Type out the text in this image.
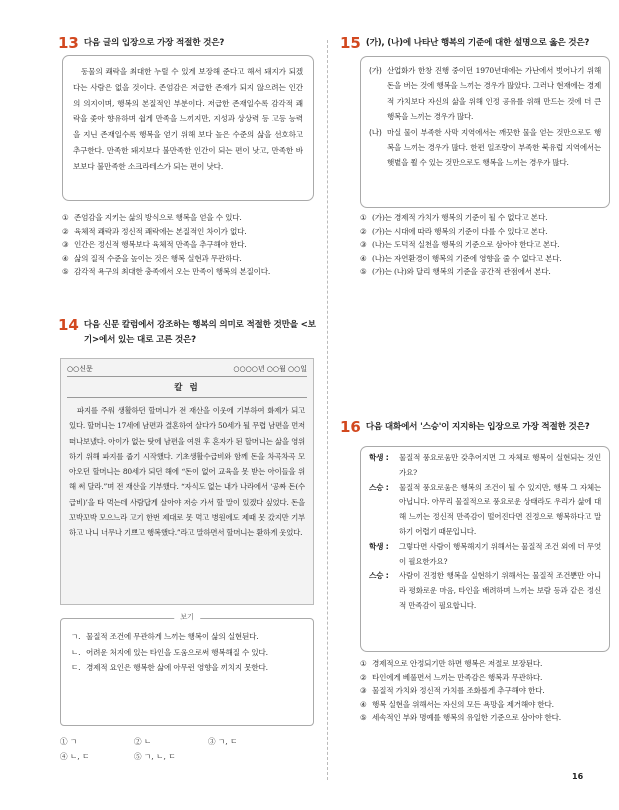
13 다음 글의 입장으로 가장 적절한 것은?

동물의 쾌락을 최대한 누릴 수 있게 보장해 준다고 해서 돼지가 되겠다는 사람은 없을 것이다. 존엄감은 저급한 존재가 되지 않으려는 인간의 의지이며, 행복의 본질적인 부분이다. 저급한 존재일수록 감각적 쾌락을 좇아 향유하며 쉽게 만족을 느끼지만, 지성과 상상력 등 고등 능력을 지닌 존재일수록 행복을 얻기 위해 보다 높은 수준의 삶을 선호하고 추구한다. 만족한 돼지보다 불만족한 인간이 되는 편이 낫고, 만족한 바보보다 불만족한 소크라테스가 되는 편이 낫다.

① 존엄감을 지키는 삶의 방식으로 행복을 얻을 수 있다.
② 육체적 쾌락과 정신적 쾌락에는 본질적인 차이가 없다.
③ 인간은 정신적 행복보다 육체적 만족을 추구해야 한다.
④ 삶의 질적 수준을 높이는 것은 행복 실현과 무관하다.
⑤ 감각적 욕구의 최대한 충족에서 오는 만족이 행복의 본질이다.
14 다음 신문 칼럼에서 강조하는 행복의 의미로 적절한 것만을 <보기>에서 있는 대로 고른 것은?
○○신문	○○○○년 ○○월 ○○일
칼 럼

파지를 주워 생활하던 할머니가 전 재산을 이웃에 기부하여 화제가 되고 있다. 할머니는 17세에 남편과 결혼하여 살다가 50세가 될 무렵 남편을 먼저 떠나보냈다. 아이가 없는 탓에 남편을 여읜 후 혼자가 된 할머니는 삶을 영위하기 위해 파지를 줍기 시작했다. 기초생활수급비와 함께 돈을 차곡차곡 모아오던 할머니는 80세가 되던 해에 “돈이 없어 교육을 못 받는 아이들을 위해 써 달라.”며 전 재산을 기부했다. “자식도 없는 내가 나라에서 ‘공짜 돈(수급비)’을 타 먹는데 사람답게 살아야 저승 가서 할 말이 있겠다 싶었다. 돈을 꼬박꼬박 모으느라 고기 한번 제대로 못 먹고 병원에도 제때 못 갔지만 기부하고 나니 너무나 기쁘고 행복했다.”라고 말하면서 할머니는 환하게 웃었다.

보기
ㄱ. 물질적 조건에 무관하게 느끼는 행복이 삶의 실현된다.
ㄴ. 어려운 처지에 있는 타인을 도움으로써 행복해질 수 있다.
ㄷ. 경제적 요인은 행복한 삶에 아무런 영향을 끼치지 못한다.
① ㄱ	② ㄴ	③ ㄱ, ㄷ
④ ㄴ, ㄷ	⑤ ㄱ, ㄴ, ㄷ
15 (가), (나)에 나타난 행복의 기준에 대한 설명으로 옳은 것은?
(가) 산업화가 한창 진행 중이던 1970년대에는 가난에서 벗어나기 위해 돈을 버는 것에 행복을 느끼는 경우가 많았다. 그러나 현재에는 경제적 가치보다 자신의 삶을 위해 인정 공유를 위해 만드는 것에 더 큰 행복을 느끼는 경우가 많다.
(나) 마실 물이 부족한 사막 지역에서는 깨끗한 물을 얻는 것만으로도 행복을 느끼는 경우가 많다. 한편 일조량이 부족한 북유럽 지역에서는 햇볕을 쬘 수 있는 것만으로도 행복을 느끼는 경우가 많다.
① (가)는 경제적 가치가 행복의 기준이 될 수 없다고 본다.
② (가)는 시대에 따라 행복의 기준이 다를 수 있다고 본다.
③ (나)는 도덕적 실천을 행복의 기준으로 삼아야 한다고 본다.
④ (나)는 자연환경이 행복의 기준에 영향을 줄 수 없다고 본다.
⑤ (가)는 (나)와 달리 행복의 기준을 공간적 관점에서 본다.
16 다음 대화에서 '스승'이 지지하는 입장으로 가장 적절한 것은?
학생 :	물질적 풍요로움만 갖추어지면 그 자체로 행복이 실현되는 것인가요?
스승 :	물질적 풍요로움은 행복의 조건이 될 수 있지만, 행복 그 자체는 아닙니다. 아무리 물질적으로 풍요로운 상태라도 우리가 삶에 대해 느끼는 정신적 만족감이 떨어진다면 진정으로 행복하다고 말하기 어렵기 때문입니다.
학생 :	그렇다면 사람이 행복해지기 위해서는 물질적 조건 외에 더 무엇이 필요한가요?
스승 :	사람이 진정한 행복을 실현하기 위해서는 물질적 조건뿐만 아니라 평화로운 마음, 타인을 배려하며 느끼는 보람 등과 같은 정신적 만족감이 필요합니다.
① 경제적으로 안정되기만 하면 행복은 저절로 보장된다.
② 타인에게 베풀면서 느끼는 만족감은 행복과 무관하다.
③ 물질적 가치와 정신적 가치를 조화롭게 추구해야 한다.
④ 행복 실현을 위해서는 자신의 모든 욕망을 제거해야 한다.
⑤ 세속적인 부와 명예를 행복의 유일한 기준으로 삼아야 한다.
16
